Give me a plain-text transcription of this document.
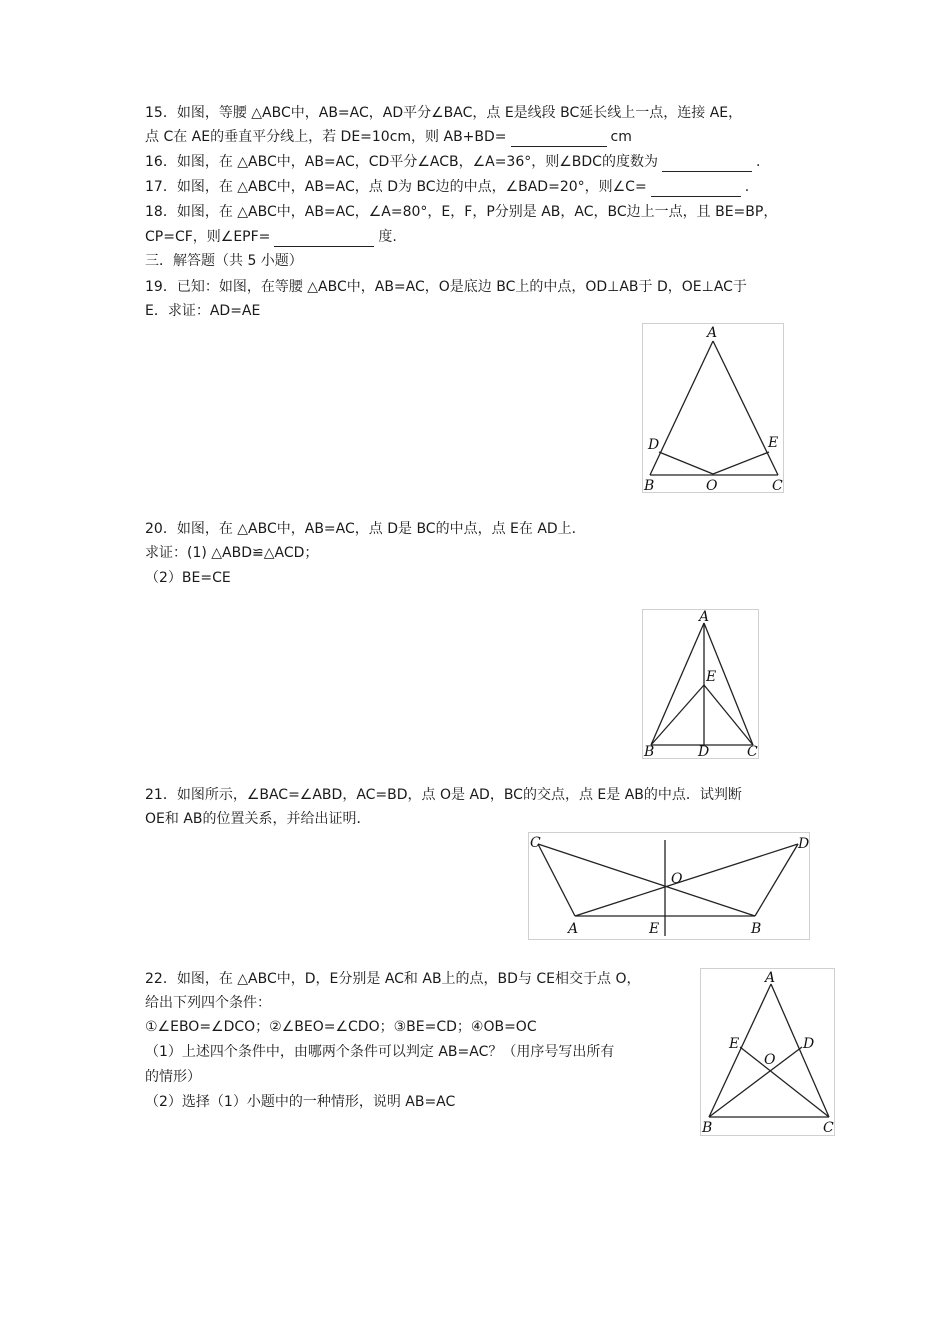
15．如图，等腰 △ABC中，AB=AC，AD平分∠BAC，点 E是线段 BC延长线上一点，连接 AE，
点 C在 AE的垂直平分线上，若 DE=10cm，则 AB+BD=	cm
16．如图，在 △ABC中，AB=AC，CD平分∠ACB，∠A=36°，则∠BDC的度数为	.
17．如图，在 △ABC中，AB=AC，点 D为 BC边的中点，∠BAD=20°，则∠C=	.
18．如图，在 △ABC中，AB=AC，∠A=80°，E，F，P分别是 AB，AC，BC边上一点，且 BE=BP，
CP=CF，则∠EPF=	度.
三．解答题（共 5 小题）
19．已知：如图，在等腰 △ABC中，AB=AC，O是底边 BC上的中点，OD⊥AB于 D，OE⊥AC于
E．求证：AD=AE
A
B	C
D	E
O
20．如图，在 △ABC中，AB=AC，点 D是 BC的中点，点 E在 AD上．
求证：(1) △ABD≌△ACD；
（2）BE=CE
A
B	C
D
E
21．如图所示，∠BAC=∠ABD，AC=BD，点 O是 AD，BC的交点，点 E是 AB的中点．试判断
OE和 AB的位置关系，并给出证明．
C	D
A	B
E
O
22．如图，在 △ABC中，D，E分别是 AC和 AB上的点，BD与 CE相交于点 O，
给出下列四个条件：
①∠EBO=∠DCO；②∠BEO=∠CDO；③BE=CD；④OB=OC
（1）上述四个条件中，由哪两个条件可以判定 AB=AC？（用序号写出所有
的情形）
（2）选择（1）小题中的一种情形，说明 AB=AC
A
B	C
D
E
O
